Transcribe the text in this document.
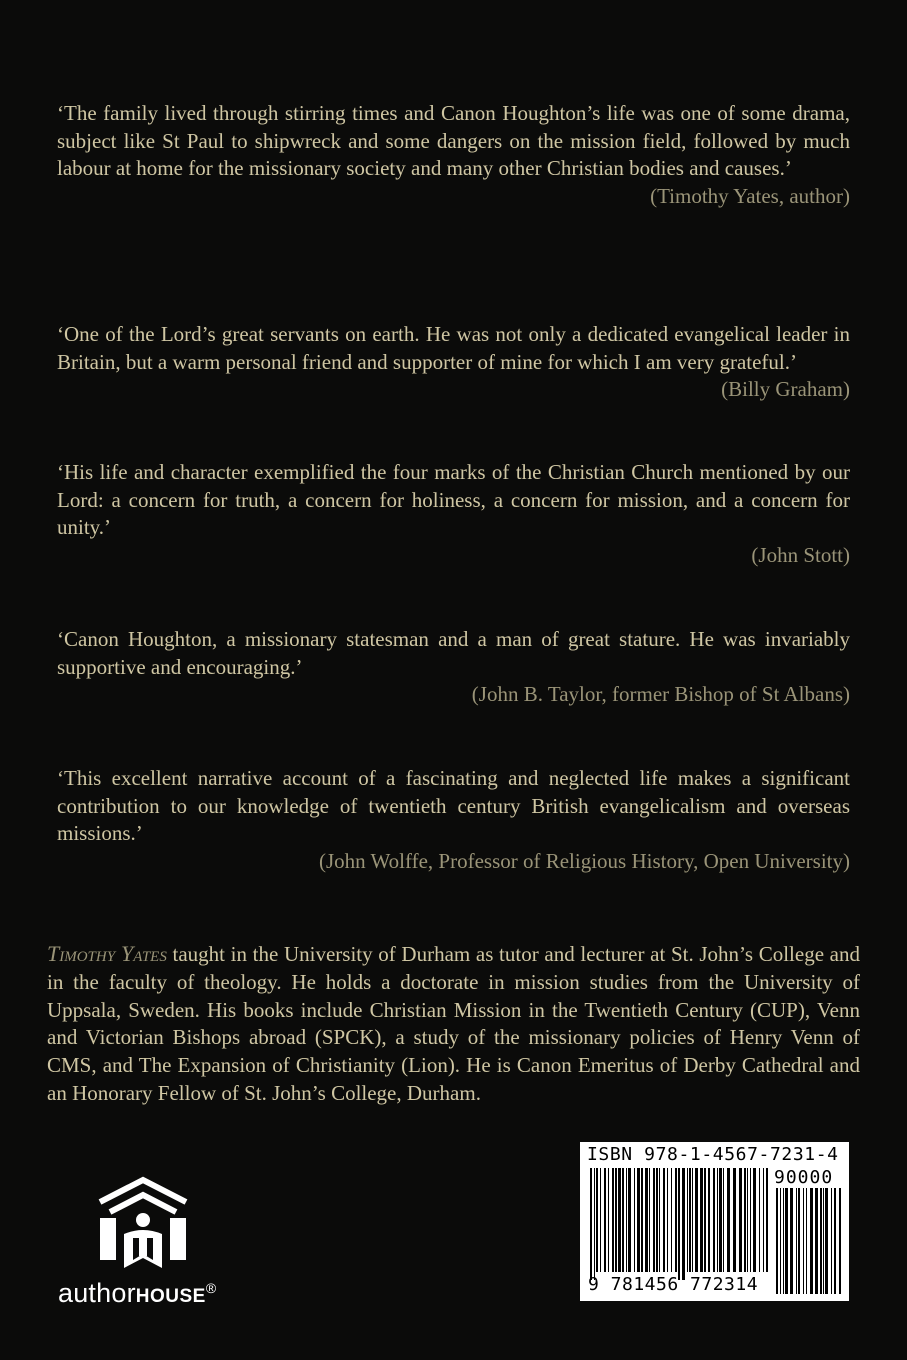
‘The family lived through stirring times and Canon Houghton’s life was one of some drama, subject like St Paul to shipwreck and some dangers on the mission field, followed by much labour at home for the missionary society and many other Christian bodies and causes.’

(Timothy Yates, author)

‘One of the Lord’s great servants on earth. He was not only a dedicated evangelical leader in Britain, but a warm personal friend and supporter of mine for which I am very grateful.’

(Billy Graham)

‘His life and character exemplified the four marks of the Christian Church mentioned by our Lord: a concern for truth, a concern for holiness, a concern for mission, and a concern for unity.’

(John Stott)

‘Canon Houghton, a missionary statesman and a man of great stature. He was invariably supportive and encouraging.’

(John B. Taylor, former Bishop of St Albans)

‘This excellent narrative account of a fascinating and neglected life makes a significant contribution to our knowledge of twentieth century British evangelicalism and overseas missions.’

(John Wolffe, Professor of Religious History, Open University)

Timothy Yates taught in the University of Durham as tutor and lecturer at St. John’s College and in the faculty of theology. He holds a doctorate in mission studies from the University of Uppsala, Sweden. His books include Christian Mission in the Twentieth Century (CUP), Venn and Victorian Bishops abroad (SPCK), a study of the missionary policies of Henry Venn of CMS, and The Expansion of Christianity (Lion). He is Canon Emeritus of Derby Cathedral and an Honorary Fellow of St. John’s College, Durham.

authorHOUSE®
ISBN 978-1-4567-7231-4
90000
9 781456 772314
